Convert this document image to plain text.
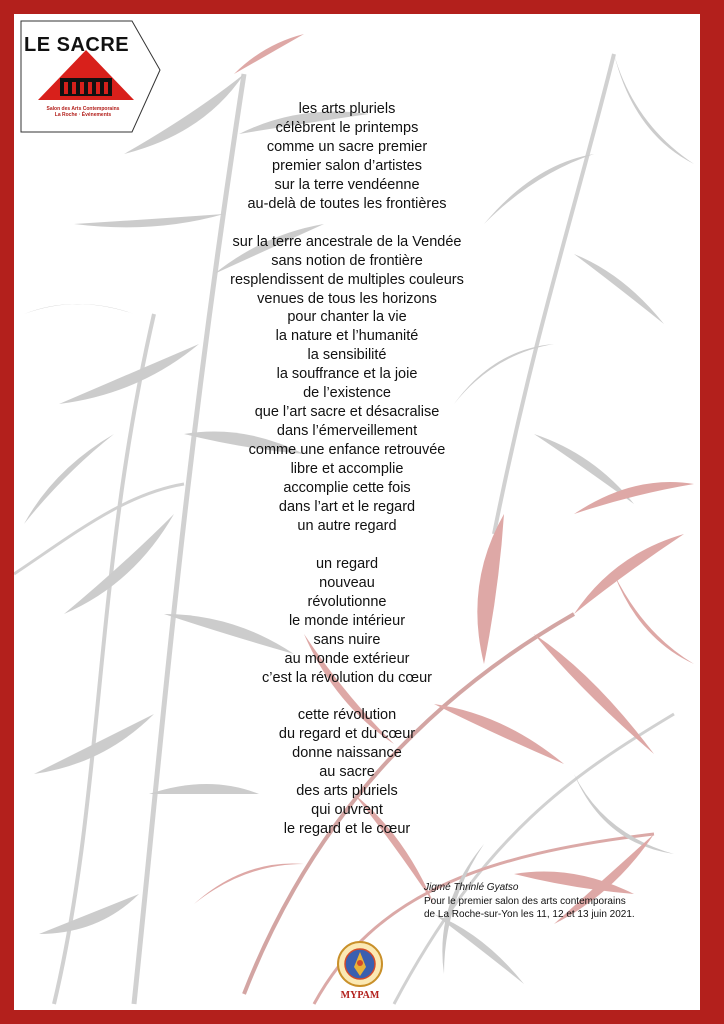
LE SACRE
Salon des Arts Contemporains
La Roche · Événements	les arts pluriels
célèbrent le printemps
comme un sacre premier
premier salon d’artistes
sur la terre vendéenne
au-delà de toutes les frontières
sur la terre ancestrale de la Vendée
sans notion de frontière
resplendissent de multiples couleurs
venues de tous les horizons
pour chanter la vie
la nature et l’humanité
la sensibilité
la souffrance et la joie
de l’existence
que l’art sacre et désacralise
dans l’émerveillement
comme une enfance retrouvée
libre et accomplie
accomplie cette fois
dans l’art et le regard
un autre regard
un regard
nouveau
révolutionne
le monde intérieur
sans nuire
au monde extérieur
c’est la révolution du cœur
cette révolution
du regard et du cœur
donne naissance
au sacre
des arts pluriels
qui ouvrent
le regard et le cœur
Jigmé Thrinlé Gyatso
Pour le premier salon des arts contemporains
de La Roche-sur-Yon les 11, 12 et 13 juin 2021.
MYPAM
